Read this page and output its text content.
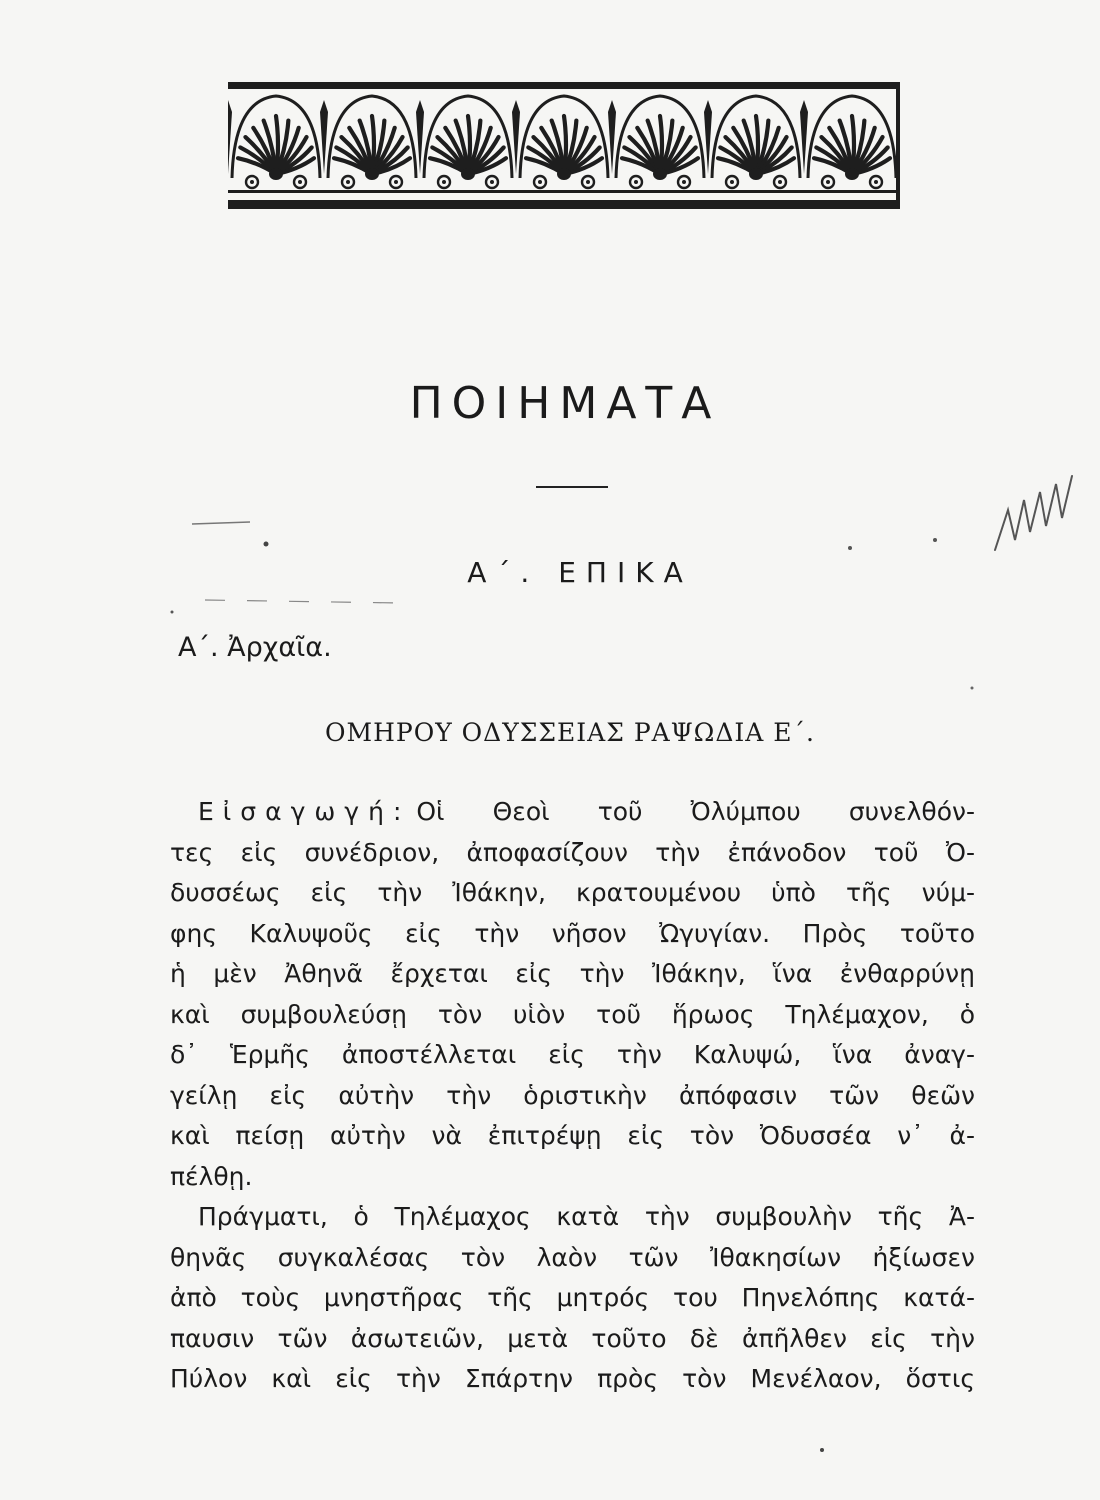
ΠΟΙΗΜΑΤΑ
Α΄. ΕΠΙΚΑ
Α΄. Ἀρχαῖα.
ΟΜΗΡΟΥ ΟΔΥΣΣΕΙΑΣ ΡΑΨΩΔΙΑ Ε΄.
Εἰσαγωγή: Οἱ Θεοὶ τοῦ Ὀλύμπου συνελθόν-
τες εἰς συνέδριον, ἀποφασίζουν τὴν ἐπάνοδον τοῦ Ὀ-
δυσσέως εἰς τὴν Ἰθάκην, κρατουμένου ὑπὸ τῆς νύμ-
φης Καλυψοῦς εἰς τὴν νῆσον Ὠγυγίαν. Πρὸς τοῦτο
ἡ μὲν Ἀθηνᾶ ἔρχεται εἰς τὴν Ἰθάκην, ἵνα ἐνθαρρύνῃ
καὶ συμβουλεύσῃ τὸν υἱὸν τοῦ ἥρωος Τηλέμαχον, ὁ
δ᾽ Ἑρμῆς ἀποστέλλεται εἰς τὴν Καλυψώ, ἵνα ἀναγ-
γείλῃ εἰς αὐτὴν τὴν ὁριστικὴν ἀπόφασιν τῶν θεῶν
καὶ πείσῃ αὐτὴν νὰ ἐπιτρέψῃ εἰς τὸν Ὀδυσσέα ν᾽ ἀ-
πέλθῃ.
Πράγματι, ὁ Τηλέμαχος κατὰ τὴν συμβουλὴν τῆς Ἀ-
θηνᾶς συγκαλέσας τὸν λαὸν τῶν Ἰθακησίων ἠξίωσεν
ἀπὸ τοὺς μνηστῆρας τῆς μητρός του Πηνελόπης κατά-
παυσιν τῶν ἀσωτειῶν, μετὰ τοῦτο δὲ ἀπῆλθεν εἰς τὴν
Πύλον καὶ εἰς τὴν Σπάρτην πρὸς τὸν Μενέλαον, ὅστις
